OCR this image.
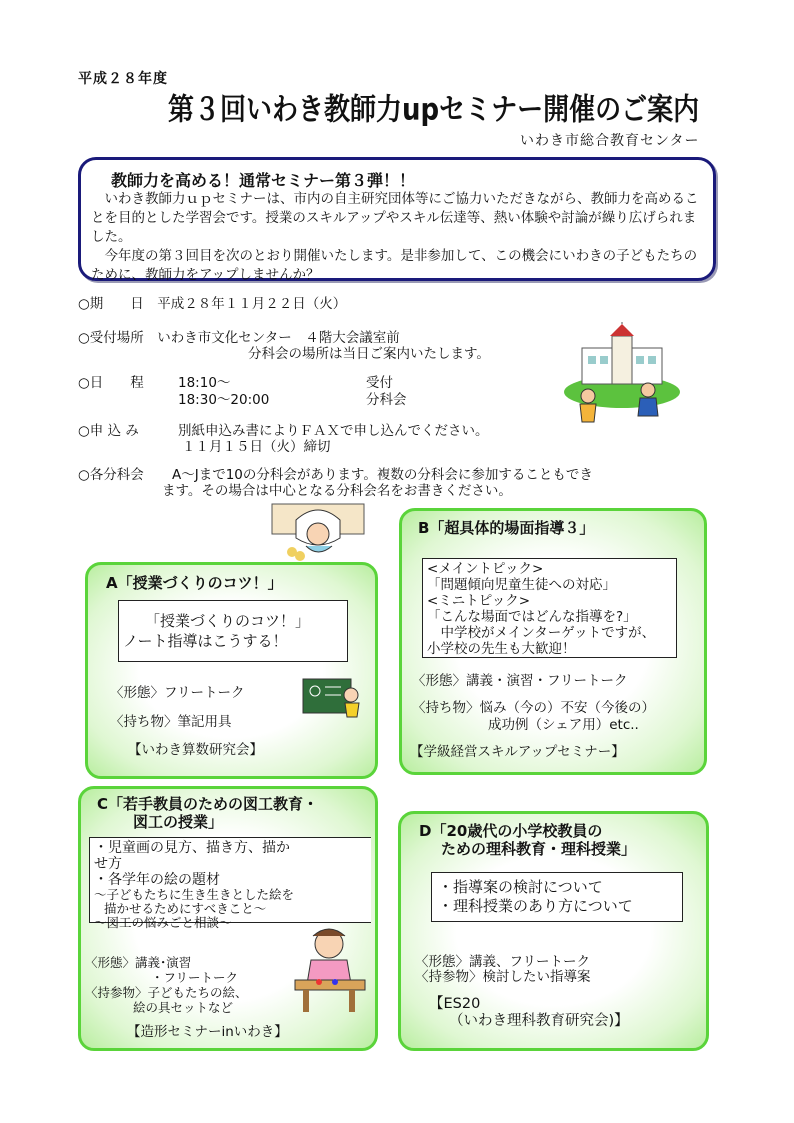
平成２８年度
第３回いわき教師力upセミナー開催のご案内
いわき市総合教育センター
教師力を高める！通常セミナー第３弾！！

いわき教師力ｕｐセミナーは、市内の自主研究団体等にご協力いただきながら、教師力を高めることを目的とした学習会です。授業のスキルアップやスキル伝達等、熱い体験や討論が繰り広げられました。

今年度の第３回目を次のとおり開催いたします。是非参加して、この機会にいわきの子どもたちのために、教師力をアップしませんか？

○期　　日　平成２８年１１月２２日（火）
○受付場所　いわき市文化センター　４階大会議室前
分科会の場所は当日ご案内いたします。
○日　　程	18:10～	受付
18:30～20:00	分科会
○申 込 み	別紙申込み書によりＦＡＸで申し込んでください。
１１月１５日（火）締切
○各分科会 A～Jまで10の分科会があります。複数の分科会に参加することもでき
ます。その場合は中心となる分科会名をお書きください。
A「授業づくりのコツ！」
「授業づくりのコツ！」
ノート指導はこうする！
〈形態〉フリートーク
〈持ち物〉筆記用具
【いわき算数研究会】
B「超具体的場面指導３」
<メイントピック>
「問題傾向児童生徒への対応」
<ミニトピック>
「こんな場面ではどんな指導を?」
　中学校がメインターゲットですが、
小学校の先生も大歓迎！
〈形態〉講義・演習・フリートーク
〈持ち物〉悩み（今の）不安（今後の）
成功例（シェア用）etc..
【学級経営スキルアップセミナー】
C「若手教員のための図工教育・
図工の授業」
・児童画の見方、描き方、描か
せ方
・各学年の絵の題材
～子どもたちに生き生きとした絵を
描かせるためにすべきこと～
～図工の悩みごと相談～
〈形態〉講義･演習
・フリートーク
〈持参物〉子どもたちの絵、
絵の具セットなど
【造形セミナーinいわき】
D「20歳代の小学校教員の
ための理科教育・理科授業」
・指導案の検討について
・理科授業のあり方について
〈形態〉講義、フリートーク
〈持参物〉検討したい指導案
【ES20
（いわき理科教育研究会)】
